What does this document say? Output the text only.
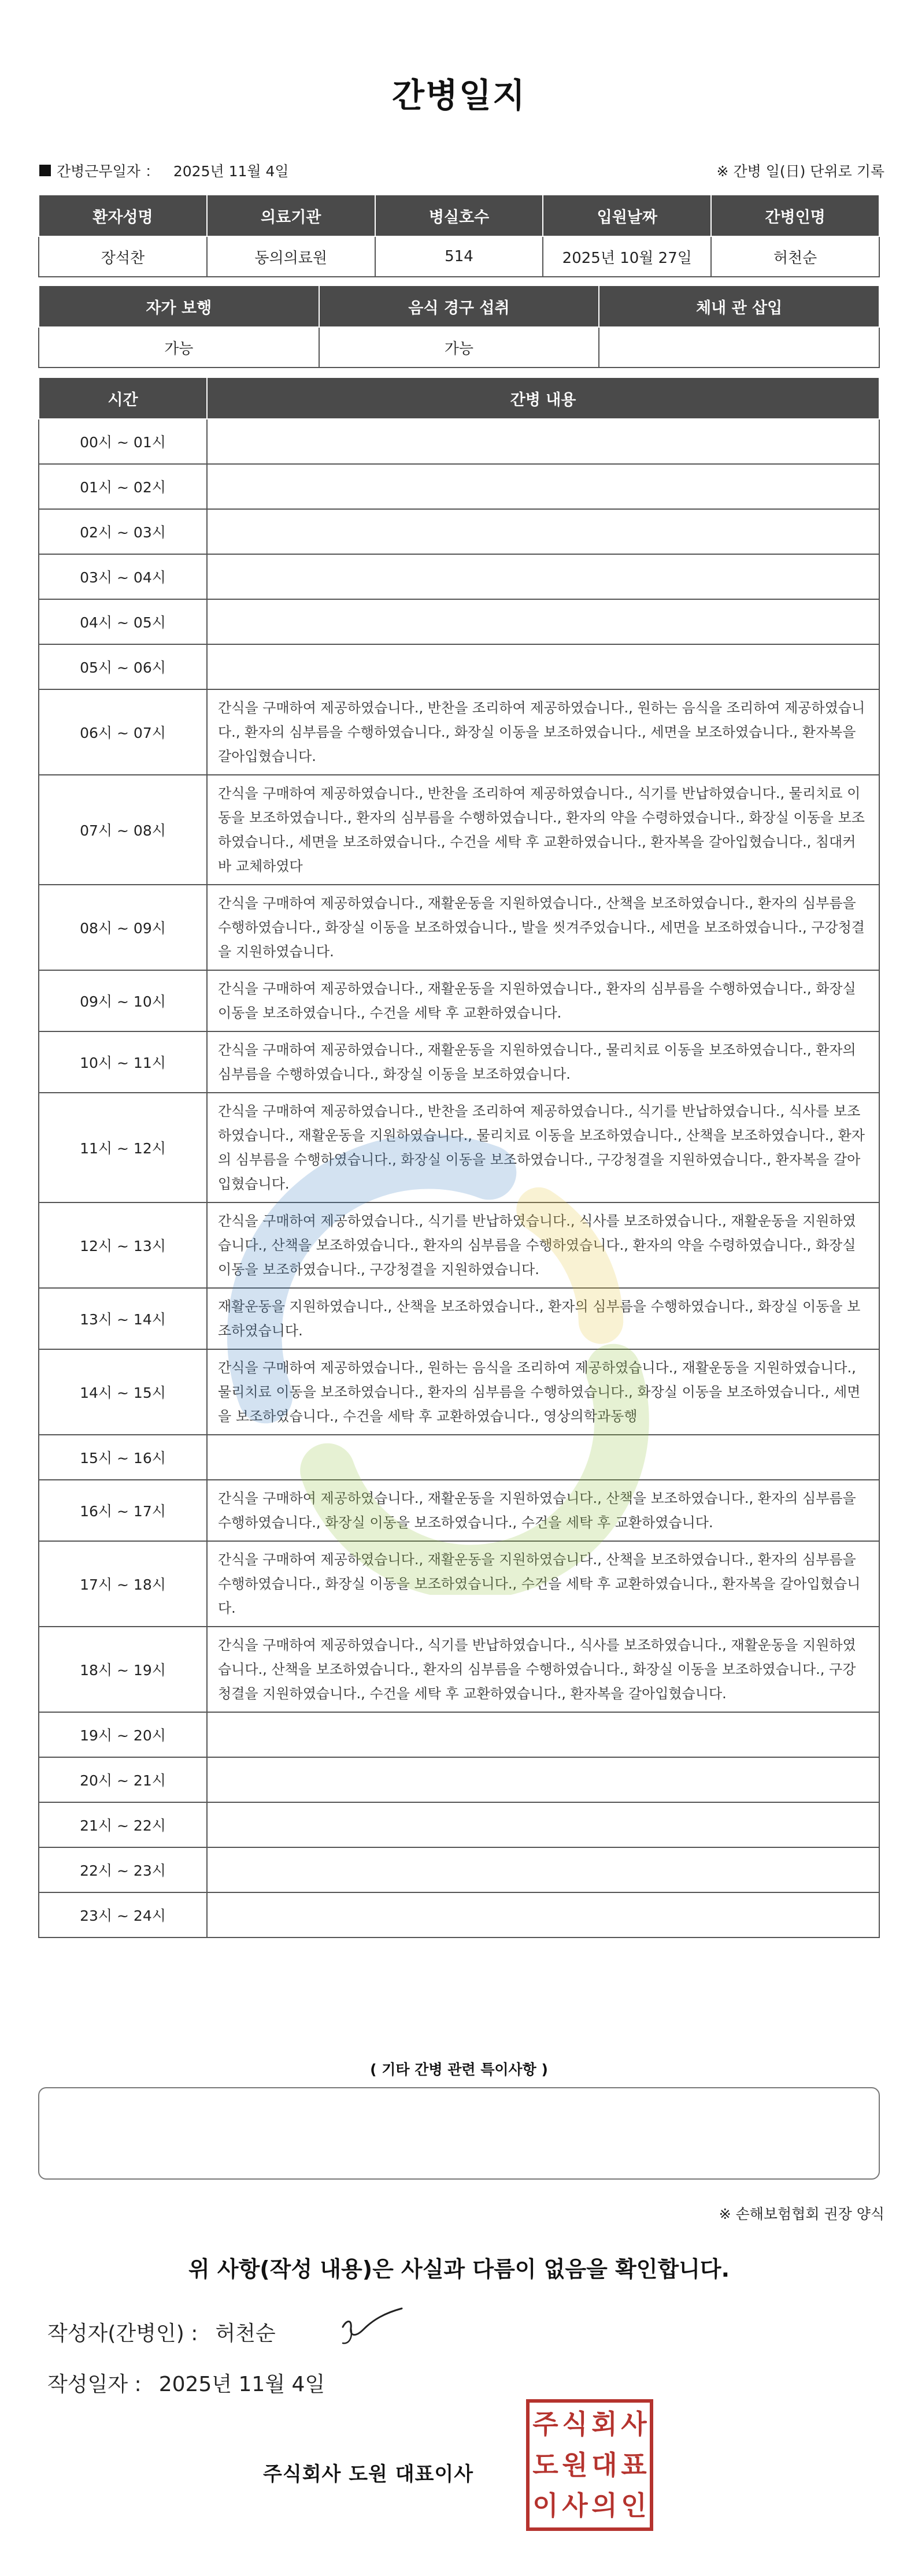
간병일지
간병근무일자 ： 2025년 11월 4일	※ 간병 일(日) 단위로 기록
환자성명	의료기관	병실호수	입원날짜	간병인명
장석찬	동의의료원	514	2025년 10월 27일	허천순
자가 보행	음식 경구 섭취	체내 관 삽입
가능	가능	
시간	간병 내용
00시 ~ 01시	
01시 ~ 02시	
02시 ~ 03시	
03시 ~ 04시	
04시 ~ 05시	
05시 ~ 06시	
06시 ~ 07시	간식을 구매하여 제공하였습니다., 반찬을 조리하여 제공하였습니다., 원하는 음식을 조리하여 제공하였습니다., 환자의 심부름을 수행하였습니다., 화장실 이동을 보조하였습니다., 세면을 보조하였습니다., 환자복을 갈아입혔습니다.
07시 ~ 08시	간식을 구매하여 제공하였습니다., 반찬을 조리하여 제공하였습니다., 식기를 반납하였습니다., 물리치료 이동을 보조하였습니다., 환자의 심부름을 수행하였습니다., 환자의 약을 수령하였습니다., 화장실 이동을 보조하였습니다., 세면을 보조하였습니다., 수건을 세탁 후 교환하였습니다., 환자복을 갈아입혔습니다., 침대커바 교체하였다
08시 ~ 09시	간식을 구매하여 제공하였습니다., 재활운동을 지원하였습니다., 산책을 보조하였습니다., 환자의 심부름을 수행하였습니다., 화장실 이동을 보조하였습니다., 발을 씻겨주었습니다., 세면을 보조하였습니다., 구강청결을 지원하였습니다.
09시 ~ 10시	간식을 구매하여 제공하였습니다., 재활운동을 지원하였습니다., 환자의 심부름을 수행하였습니다., 화장실 이동을 보조하였습니다., 수건을 세탁 후 교환하였습니다.
10시 ~ 11시	간식을 구매하여 제공하였습니다., 재활운동을 지원하였습니다., 물리치료 이동을 보조하였습니다., 환자의 심부름을 수행하였습니다., 화장실 이동을 보조하였습니다.
11시 ~ 12시	간식을 구매하여 제공하였습니다., 반찬을 조리하여 제공하였습니다., 식기를 반납하였습니다., 식사를 보조하였습니다., 재활운동을 지원하였습니다., 물리치료 이동을 보조하였습니다., 산책을 보조하였습니다., 환자의 심부름을 수행하였습니다., 화장실 이동을 보조하였습니다., 구강청결을 지원하였습니다., 환자복을 갈아입혔습니다.
12시 ~ 13시	간식을 구매하여 제공하였습니다., 식기를 반납하였습니다., 식사를 보조하였습니다., 재활운동을 지원하였습니다., 산책을 보조하였습니다., 환자의 심부름을 수행하였습니다., 환자의 약을 수령하였습니다., 화장실 이동을 보조하였습니다., 구강청결을 지원하였습니다.
13시 ~ 14시	재활운동을 지원하였습니다., 산책을 보조하였습니다., 환자의 심부름을 수행하였습니다., 화장실 이동을 보조하였습니다.
14시 ~ 15시	간식을 구매하여 제공하였습니다., 원하는 음식을 조리하여 제공하였습니다., 재활운동을 지원하였습니다., 물리치료 이동을 보조하였습니다., 환자의 심부름을 수행하였습니다., 화장실 이동을 보조하였습니다., 세면을 보조하였습니다., 수건을 세탁 후 교환하였습니다., 영상의학과동행
15시 ~ 16시	
16시 ~ 17시	간식을 구매하여 제공하였습니다., 재활운동을 지원하였습니다., 산책을 보조하였습니다., 환자의 심부름을 수행하였습니다., 화장실 이동을 보조하였습니다., 수건을 세탁 후 교환하였습니다.
17시 ~ 18시	간식을 구매하여 제공하였습니다., 재활운동을 지원하였습니다., 산책을 보조하였습니다., 환자의 심부름을 수행하였습니다., 화장실 이동을 보조하였습니다., 수건을 세탁 후 교환하였습니다., 환자복을 갈아입혔습니다.
18시 ~ 19시	간식을 구매하여 제공하였습니다., 식기를 반납하였습니다., 식사를 보조하였습니다., 재활운동을 지원하였습니다., 산책을 보조하였습니다., 환자의 심부름을 수행하였습니다., 화장실 이동을 보조하였습니다., 구강청결을 지원하였습니다., 수건을 세탁 후 교환하였습니다., 환자복을 갈아입혔습니다.
19시 ~ 20시	
20시 ~ 21시	
21시 ~ 22시	
22시 ~ 23시	
23시 ~ 24시	
( 기타 간병 관련 특이사항 )
※ 손해보험협회 권장 양식
위 사항(작성 내용)은 사실과 다름이 없음을 확인합니다.
작성자(간병인) : 허천순
작성일자 : 2025년 11월 4일
주식회사 도원 대표이사
주 식 회 사
도 원 대 표
이 사 의 인
